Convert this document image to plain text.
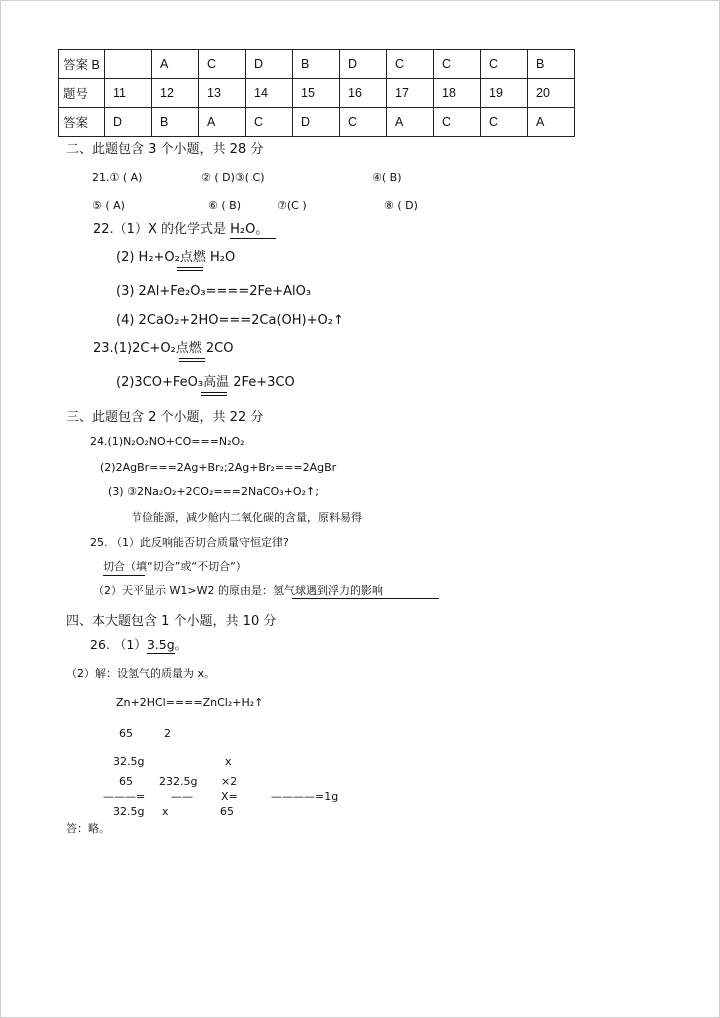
答案 B		A	C	D	B	D	C	C	C	B
题号	11	12	13	14	15	16	17	18	19	20
答案	D	B	A	C	D	C	A	C	C	A
二、此题包含 3 个小题，共 28 分
21.① ( A)	② ( D)③( C)	④( B)
⑤ ( A)	⑥ ( B)	⑦(C )	⑧ ( D)
22.（1）X 的化学式是 H₂O。
(2) H₂+O₂点燃 H₂O
(3) 2Al+Fe₂O₃====2Fe+AlO₃
(4) 2CaO₂+2HO===2Ca(OH)+O₂↑
23.(1)2C+O₂点燃 2CO
(2)3CO+FeO₃高温 2Fe+3CO
三、此题包含 2 个小题，共 22 分
24.(1)N₂O₂NO+CO===N₂O₂
(2)2AgBr===2Ag+Br₂;2Ag+Br₂===2AgBr
(3) ③2Na₂O₂+2CO₂===2NaCO₃+O₂↑;
节俭能源，减少舱内二氧化碳的含量，原料易得
25. （1）此反响能否切合质量守恒定律?
切合（填“切合”或“不切合”）
（2）天平显示 W1>W2 的原由是：氢气球遇到浮力的影响
四、本大题包含 1 个小题，共 10 分
26. （1）3.5g。
（2）解：设氢气的质量为 x。
Zn+2HCl====ZnCl₂+H₂↑
65	2
32.5g	x
65 232.5g ×2
———= ——	X=	————=1g
32.5g x	65
答：略。
